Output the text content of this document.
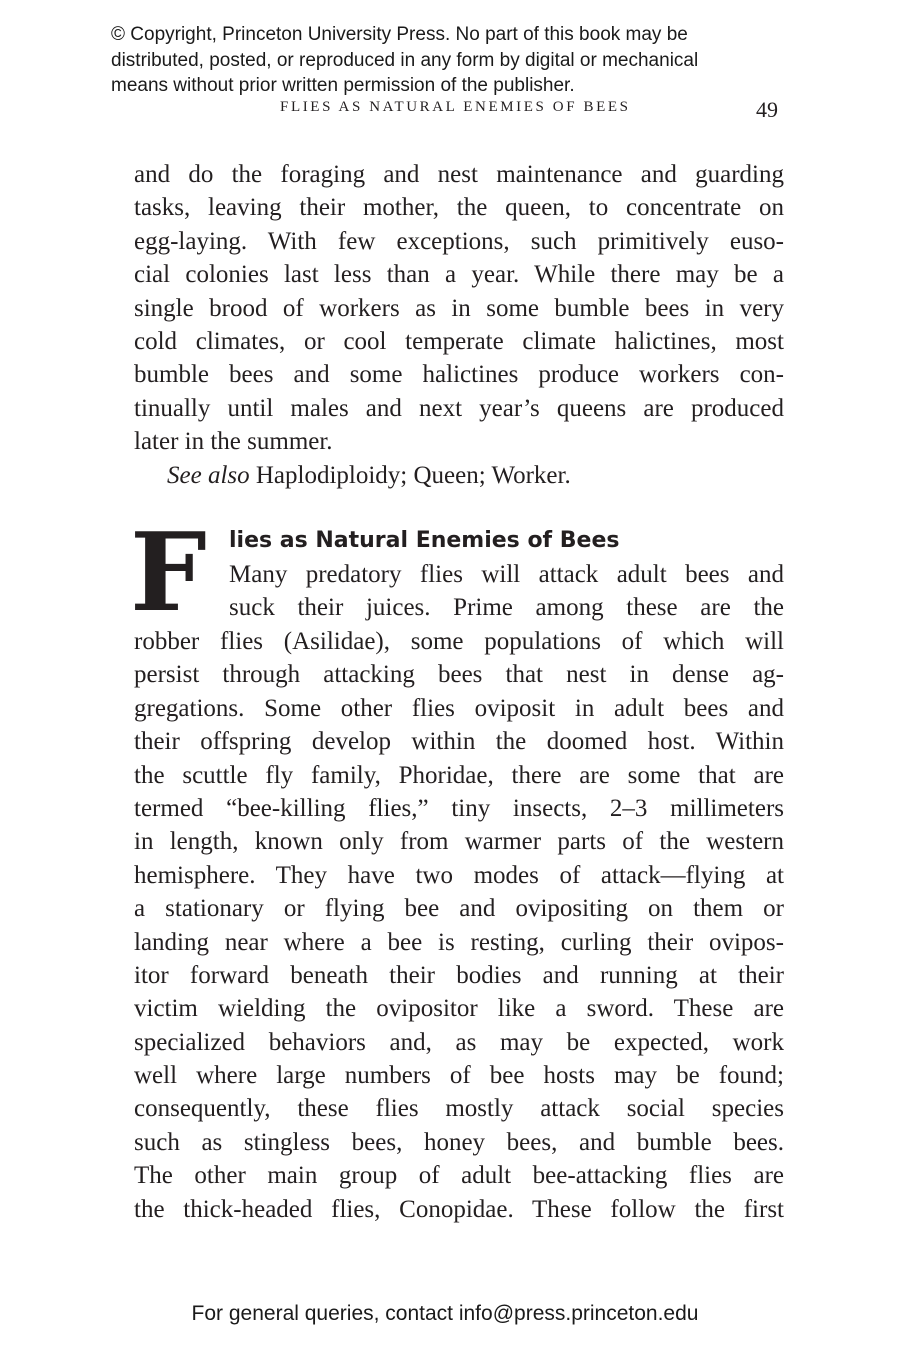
© Copyright, Princeton University Press. No part of this book may be
distributed, posted, or reproduced in any form by digital or mechanical
means without prior written permission of the publisher.
FLIES AS NATURAL ENEMIES OF BEES	49
and do the foraging and nest maintenance and guarding
tasks, leaving their mother, the queen, to concentrate on
egg-laying. With few exceptions, such primitively euso-
cial colonies last less than a year. While there may be a
single brood of workers as in some bumble bees in very
cold climates, or cool temperate climate halictines, most
bumble bees and some halictines produce workers con-
tinually until males and next year’s queens are produced
later in the summer.
See also Haplodiploidy; Queen; Worker.
F lies as Natural Enemies of Bees
Many predatory flies will attack adult bees and
suck their juices. Prime among these are the
robber flies (Asilidae), some populations of which will
persist through attacking bees that nest in dense ag-
gregations. Some other flies oviposit in adult bees and
their offspring develop within the doomed host. Within
the scuttle fly family, Phoridae, there are some that are
termed “bee-killing flies,” tiny insects, 2–3 millimeters
in length, known only from warmer parts of the western
hemisphere. They have two modes of attack—flying at
a stationary or flying bee and ovipositing on them or
landing near where a bee is resting, curling their ovipos-
itor forward beneath their bodies and running at their
victim wielding the ovipositor like a sword. These are
specialized behaviors and, as may be expected, work
well where large numbers of bee hosts may be found;
consequently, these flies mostly attack social species
such as stingless bees, honey bees, and bumble bees.
The other main group of adult bee-attacking flies are
the thick-headed flies, Conopidae. These follow the first
For general queries, contact info@press.princeton.edu
